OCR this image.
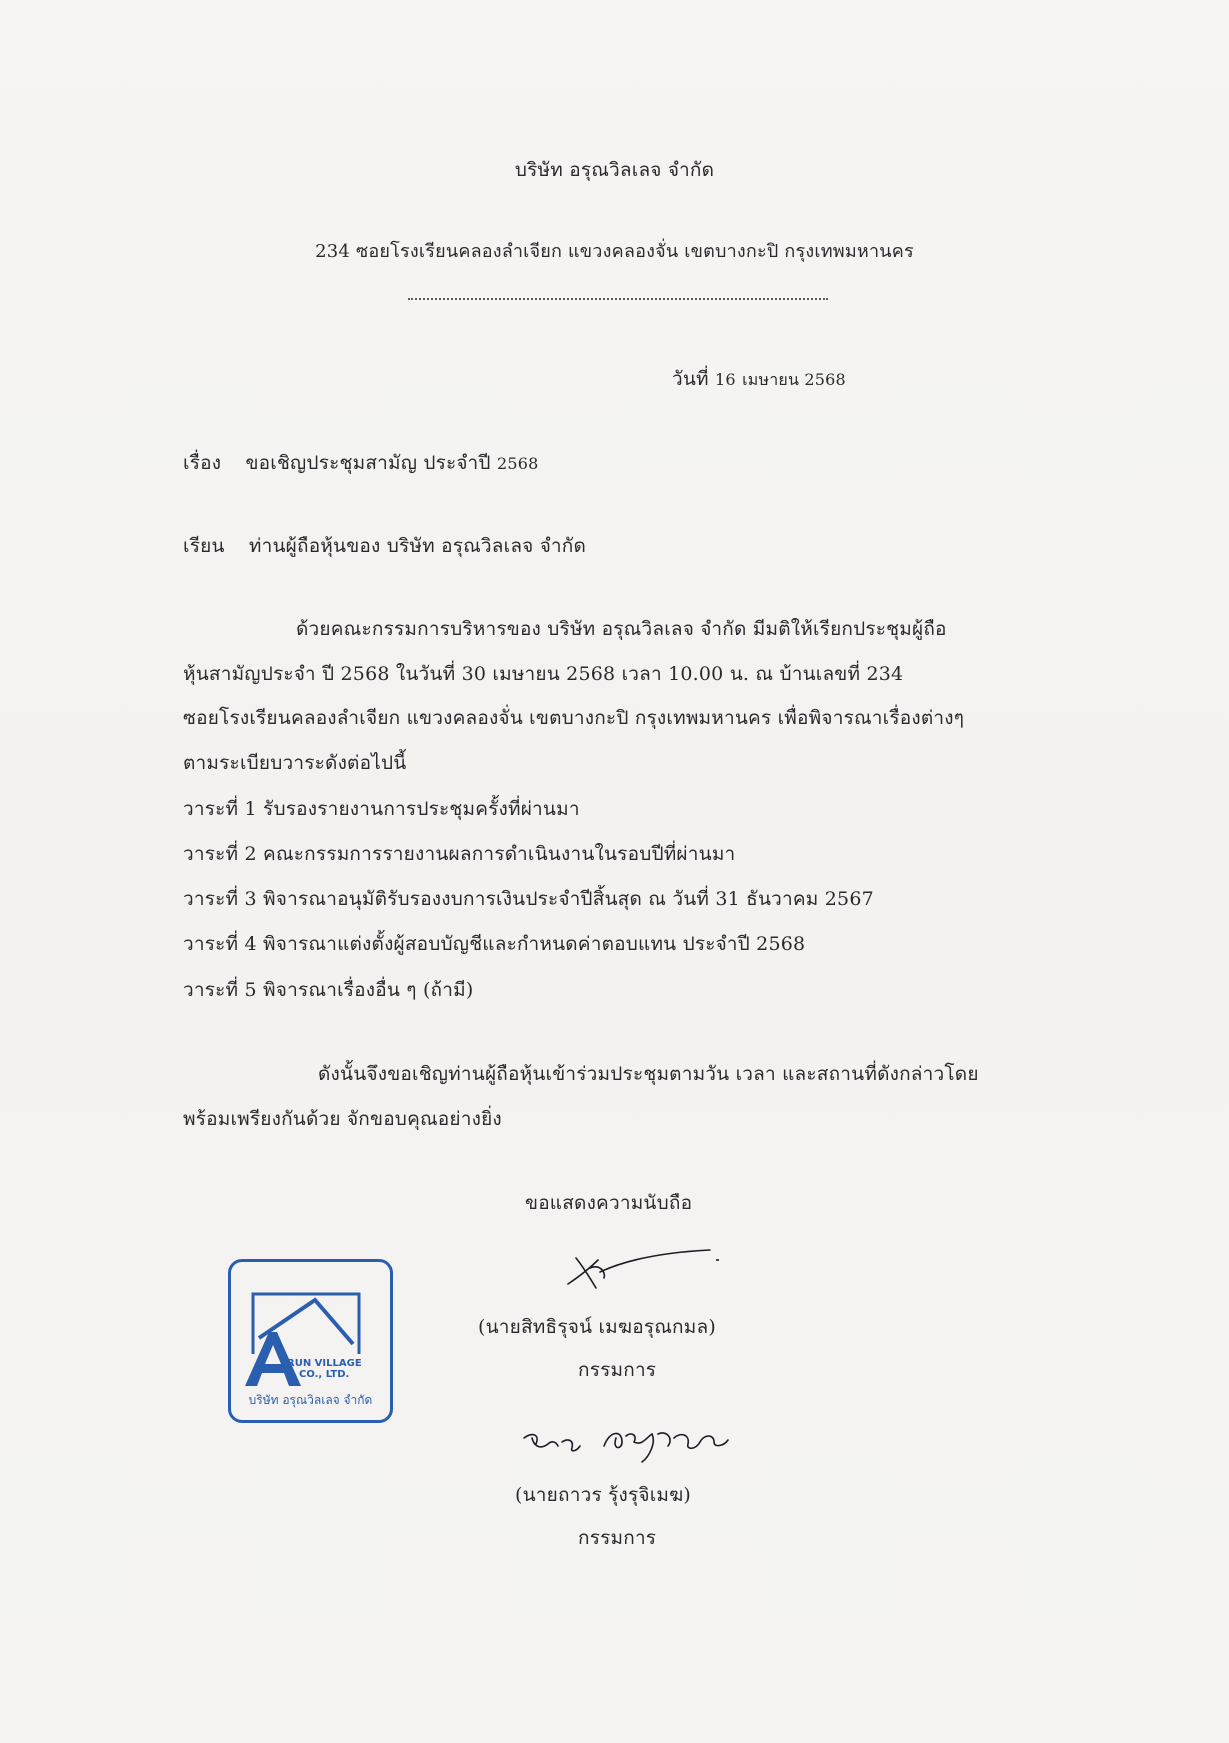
บริษัท อรุณวิลเลจ จำกัด
234 ซอยโรงเรียนคลองลำเจียก แขวงคลองจั่น เขตบางกะปิ กรุงเทพมหานคร
วันที่ 16 เมษายน 2568
เรื่อง ขอเชิญประชุมสามัญ ประจำปี 2568
เรียน ท่านผู้ถือหุ้นของ บริษัท อรุณวิลเลจ จำกัด
ด้วยคณะกรรมการบริหารของ บริษัท อรุณวิลเลจ จำกัด มีมติให้เรียกประชุมผู้ถือ
หุ้นสามัญประจำ ปี 2568 ในวันที่ 30 เมษายน 2568 เวลา 10.00 น. ณ บ้านเลขที่ 234
ซอยโรงเรียนคลองลำเจียก แขวงคลองจั่น เขตบางกะปิ กรุงเทพมหานคร เพื่อพิจารณาเรื่องต่างๆ
ตามระเบียบวาระดังต่อไปนี้
วาระที่ 1 รับรองรายงานการประชุมครั้งที่ผ่านมา
วาระที่ 2 คณะกรรมการรายงานผลการดำเนินงานในรอบปีที่ผ่านมา
วาระที่ 3 พิจารณาอนุมัติรับรองงบการเงินประจำปีสิ้นสุด ณ วันที่ 31 ธันวาคม 2567
วาระที่ 4 พิจารณาแต่งตั้งผู้สอบบัญชีและกำหนดค่าตอบแทน ประจำปี 2568
วาระที่ 5 พิจารณาเรื่องอื่น ๆ (ถ้ามี)
ดังนั้นจึงขอเชิญท่านผู้ถือหุ้นเข้าร่วมประชุมตามวัน เวลา และสถานที่ดังกล่าวโดย
พร้อมเพรียงกันด้วย จักขอบคุณอย่างยิ่ง
ขอแสดงความนับถือ
RUN VILLAGE
CO., LTD.
บริษัท อรุณวิลเลจ จำกัด
(นายสิทธิรุจน์ เมฆอรุณกมล)
กรรมการ
(นายถาวร รุ้งรุจิเมฆ)
กรรมการ
